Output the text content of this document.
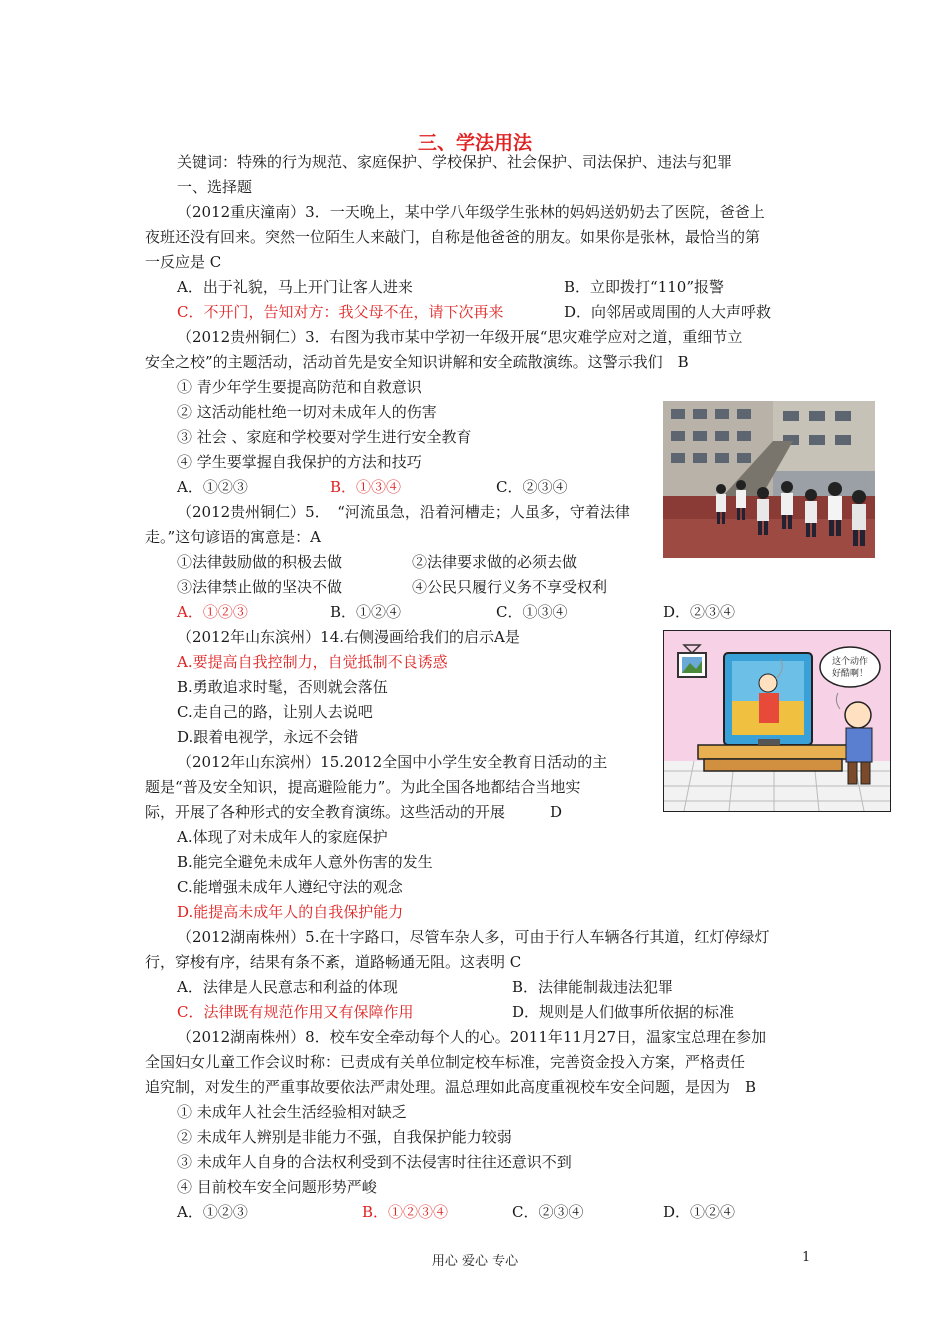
三、学法用法
关键词：特殊的行为规范、家庭保护、学校保护、社会保护、司法保护、违法与犯罪
一、选择题
（2012重庆潼南）3．一天晚上，某中学八年级学生张林的妈妈送奶奶去了医院，爸爸上
夜班还没有回来。突然一位陌生人来敲门，自称是他爸爸的朋友。如果你是张林，最恰当的第
一反应是 C
A．出于礼貌，马上开门让客人进来	B．立即拨打“110”报警
C．不开门，告知对方：我父母不在，请下次再来	D．向邻居或周围的人大声呼救
（2012贵州铜仁）3．右图为我市某中学初一年级开展“思灾难学应对之道，重细节立
安全之校”的主题活动，活动首先是安全知识讲解和安全疏散演练。这警示我们　B
① 青少年学生要提高防范和自救意识
② 这活动能杜绝一切对未成年人的伤害
③ 社会 、家庭和学校要对学生进行安全教育
④ 学生要掌握自我保护的方法和技巧
A．①②③	B．①③④	C．②③④
（2012贵州铜仁）5．　“河流虽急，沿着河槽走；人虽多，守着法律
走。”这句谚语的寓意是：A
①法律鼓励做的积极去做	②法律要求做的必须去做
③法律禁止做的坚决不做	④公民只履行义务不享受权利
A．①②③	B．①②④	C．①③④	D．②③④
（2012年山东滨州）14.右侧漫画给我们的启示A是
A.要提高自我控制力，自觉抵制不良诱惑
B.勇敢追求时髦，否则就会落伍
C.走自己的路，让别人去说吧
D.跟着电视学，永远不会错
这个动作
好酷啊！
（2012年山东滨州）15.2012全国中小学生安全教育日活动的主
题是“普及安全知识，提高避险能力”。为此全国各地都结合当地实
际，开展了各种形式的安全教育演练。这些活动的开展　　　D
A.体现了对未成年人的家庭保护
B.能完全避免未成年人意外伤害的发生
C.能增强未成年人遵纪守法的观念
D.能提高未成年人的自我保护能力
（2012湖南株州）5.在十字路口，尽管车杂人多，可由于行人车辆各行其道，红灯停绿灯
行，穿梭有序，结果有条不紊，道路畅通无阻。这表明 C
A．法律是人民意志和利益的体现	B．法律能制裁违法犯罪
C．法律既有规范作用又有保障作用	D．规则是人们做事所依据的标准
（2012湖南株州）8．校车安全牵动每个人的心。2011年11月27日，温家宝总理在参加
全国妇女儿童工作会议时称：已责成有关单位制定校车标准，完善资金投入方案，严格责任
追究制，对发生的严重事故要依法严肃处理。温总理如此高度重视校车安全问题，是因为　B
① 未成年人社会生活经验相对缺乏
② 未成年人辨别是非能力不强，自我保护能力较弱
③ 未成年人自身的合法权利受到不法侵害时往往还意识不到
④ 目前校车安全问题形势严峻
A．①②③	B．①②③④	C．②③④	D．①②④
用心 爱心 专心	1
